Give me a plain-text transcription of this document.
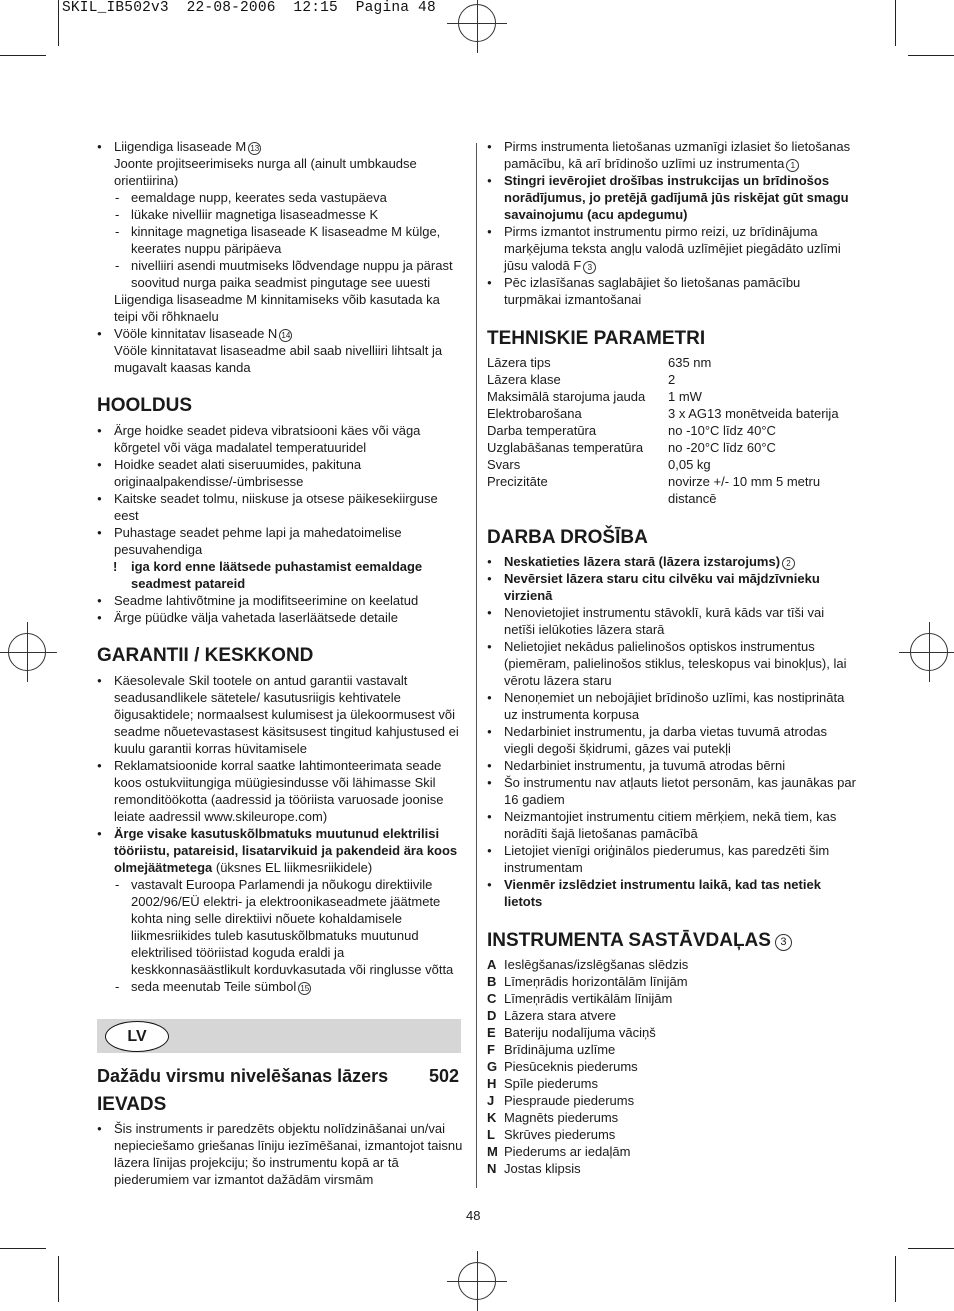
SKIL_IB502v3  22-08-2006  12:15  Pagina 48
● Liigendiga lisaseade M 13
Joonte projitseerimiseks nurga all (ainult umbkaudse orientiirina)
- eemaldage nupp, keerates seda vastupäeva
- lükake nivelliir magnetiga lisaseadmesse K
- kinnitage magnetiga lisaseade K lisaseadme M külge, keerates nuppu päripäeva
- nivelliiri asendi muutmiseks lõdvendage nuppu ja pärast soovitud nurga paika seadmist pingutage see uuesti
Liigendiga lisaseadme M kinnitamiseks võib kasutada ka teipi või rõhknaelu
● Vööle kinnitatav lisaseade N 14
Vööle kinnitatavat lisaseadme abil saab nivelliiri lihtsalt ja mugavalt kaasas kanda
HOOLDUS
● Ärge hoidke seadet pideva vibratsiooni käes või väga kõrgetel või väga madalatel temperatuuridel
● Hoidke seadet alati siseruumides, pakituna originaalpakendisse/-ümbrisesse
● Kaitske seadet tolmu, niiskuse ja otsese päikesekiirguse eest
● Puhastage seadet pehme lapi ja mahedatoimelise pesuvahendiga
! iga kord enne läätsede puhastamist eemaldage seadmest patareid
● Seadme lahtivõtmine ja modifitseerimine on keelatud
● Ärge püüdke välja vahetada laserläätsede detaile
GARANTII / KESKKOND
● Käesolevale Skil tootele on antud garantii vastavalt seadusandlikele sätetele/ kasutusriigis kehtivatele õigusaktidele; normaalsest kulumisest ja ülekoormusest või seadme nõuetevastasest käsitsusest tingitud kahjustused ei kuulu garantii korras hüvitamisele
● Reklamatsioonide korral saatke lahtimonteerimata seade koos ostukviitungiga müügiesindusse või lähimasse Skil remonditöökotta (aadressid ja tööriista varuosade joonise leiate aadressil www.skileurope.com)
● Ärge visake kasutuskõlbmatuks muutunud elektrilisi tööriistu, patareisid, lisatarvikuid ja pakendeid ära koos olmejäätmetega (üksnes EL liikmesriikidele)
- vastavalt Euroopa Parlamendi ja nõukogu direktiivile 2002/96/EÜ elektri- ja elektroonikaseadmete jäätmete kohta ning selle direktiivi nõuete kohaldamisele liikmesriikides tuleb kasutuskõlbmatuks muutunud elektrilised tööriistad koguda eraldi ja keskkonnasäästlikult korduvkasutada või ringlusse võtta
- seda meenutab Teile sümbol 15
LV
Dažādu virsmu nivelēšanas lāzers 502
IEVADS
● Šis instruments ir paredzēts objektu nolīdzināšanai un/vai nepieciešamo griešanas līniju iezīmēšanai, izmantojot taisnu lāzera līnijas projekciju; šo instrumentu kopā ar tā piederumiem var izmantot dažādām virsmām
● Pirms instrumenta lietošanas uzmanīgi izlasiet šo lietošanas pamācību, kā arī brīdinošo uzlīmi uz instrumenta 1
● Stingri ievērojiet drošības instrukcijas un brīdinošos norādījumus, jo pretējā gadījumā jūs riskējat gūt smagu savainojumu (acu apdegumu)
● Pirms izmantot instrumentu pirmo reizi, uz brīdinājuma marķējuma teksta angļu valodā uzlīmējiet piegādāto uzlīmi jūsu valodā F 3
● Pēc izlasīšanas saglabājiet šo lietošanas pamācību turpmākai izmantošanai
TEHNISKIE PARAMETRI
Lāzera tips	635 nm
Lāzera klase	2
Maksimālā starojuma jauda	1 mW
Elektrobarošana	3 x AG13 monētveida baterija
Darba temperatūra	no -10°C līdz 40°C
Uzglabāšanas temperatūra	no -20°C līdz 60°C
Svars	0,05 kg
Precizitāte	novirze +/- 10 mm 5 metru distancē
DARBA DROŠĪBA
● Neskatieties lāzera starā (lāzera izstarojums) 2
● Nevērsiet lāzera staru citu cilvēku vai mājdzīvnieku virzienā
● Nenovietojiet instrumentu stāvoklī, kurā kāds var tīši vai netīši ielūkoties lāzera starā
● Nelietojiet nekādus palielinošos optiskos instrumentus (piemēram, palielinošos stiklus, teleskopus vai binokļus), lai vērotu lāzera staru
● Nenoņemiet un nebojājiet brīdinošo uzlīmi, kas nostiprināta uz instrumenta korpusa
● Nedarbiniet instrumentu, ja darba vietas tuvumā atrodas viegli degoši šķidrumi, gāzes vai putekļi
● Nedarbiniet instrumentu, ja tuvumā atrodas bērni
● Šo instrumentu nav atļauts lietot personām, kas jaunākas par 16 gadiem
● Neizmantojiet instrumentu citiem mērķiem, nekā tiem, kas norādīti šajā lietošanas pamācībā
● Lietojiet vienīgi oriģinālos piederumus, kas paredzēti šim instrumentam
● Vienmēr izslēdziet instrumentu laikā, kad tas netiek lietots
INSTRUMENTA SASTĀVDAĻAS 3
A Ieslēgšanas/izslēgšanas slēdzis
B Līmeņrādis horizontālām līnijām
C Līmeņrādis vertikālām līnijām
D Lāzera stara atvere
E Bateriju nodalījuma vāciņš
F Brīdinājuma uzlīme
G Piesūceknis piederums
H Spīle piederums
J Piespraude piederums
K Magnēts piederums
L Skrūves piederums
M Piederums ar iedaļām
N Jostas klipsis
48
